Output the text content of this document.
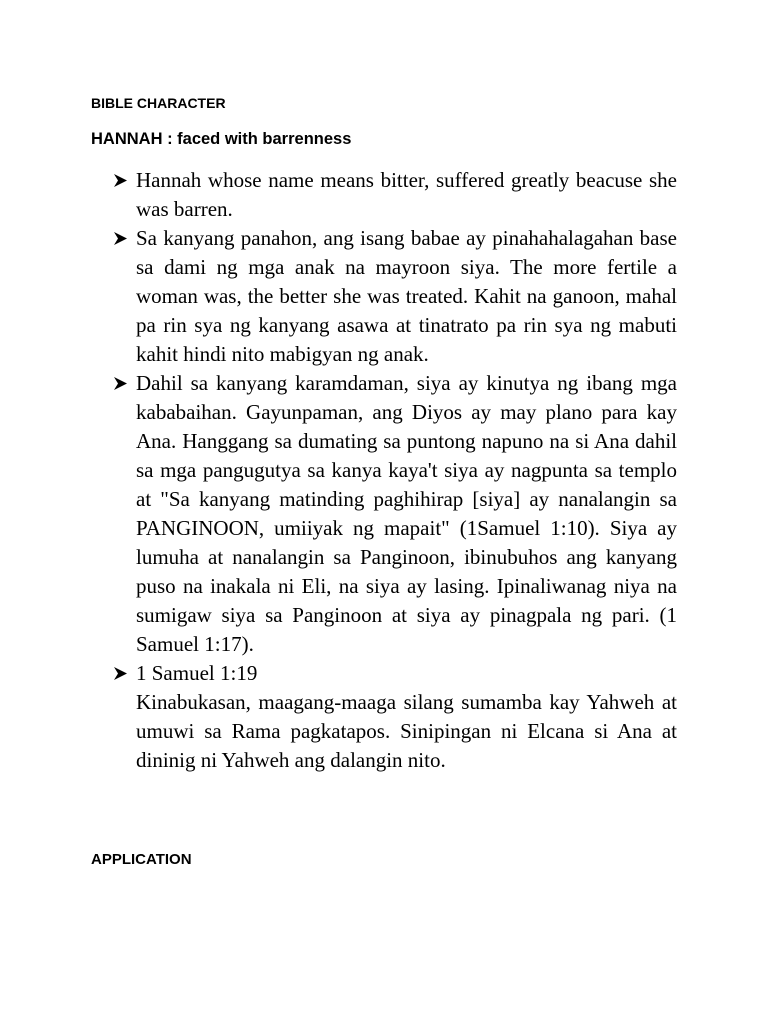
BIBLE CHARACTER

HANNAH : faced with barrenness

Hannah whose name means bitter, suffered greatly beacuse she was barren.
Sa kanyang panahon, ang isang babae ay pinahahalagahan base sa dami ng mga anak na mayroon siya. The more fertile a woman was, the better she was treated. Kahit na ganoon, mahal pa rin sya ng kanyang asawa at tinatrato pa rin sya ng mabuti kahit hindi nito mabigyan ng anak.
Dahil sa kanyang karamdaman, siya ay kinutya ng ibang mga kababaihan. Gayunpaman, ang Diyos ay may plano para kay Ana. Hanggang sa dumating sa puntong napuno na si Ana dahil sa mga pangugutya sa kanya kaya't siya ay nagpunta sa templo at "Sa kanyang matinding paghihirap [siya] ay nanalangin sa PANGINOON, umiiyak ng mapait" (1Samuel 1:10). Siya ay lumuha at nanalangin sa Panginoon, ibinubuhos ang kanyang puso na inakala ni Eli, na siya ay lasing. Ipinaliwanag niya na sumigaw siya sa Panginoon at siya ay pinagpala ng pari. (1 Samuel 1:17).
1 Samuel 1:19
Kinabukasan, maagang-maaga silang sumamba kay Yahweh at umuwi sa Rama pagkatapos. Sinipingan ni Elcana si Ana at dininig ni Yahweh ang dalangin nito.

APPLICATION
